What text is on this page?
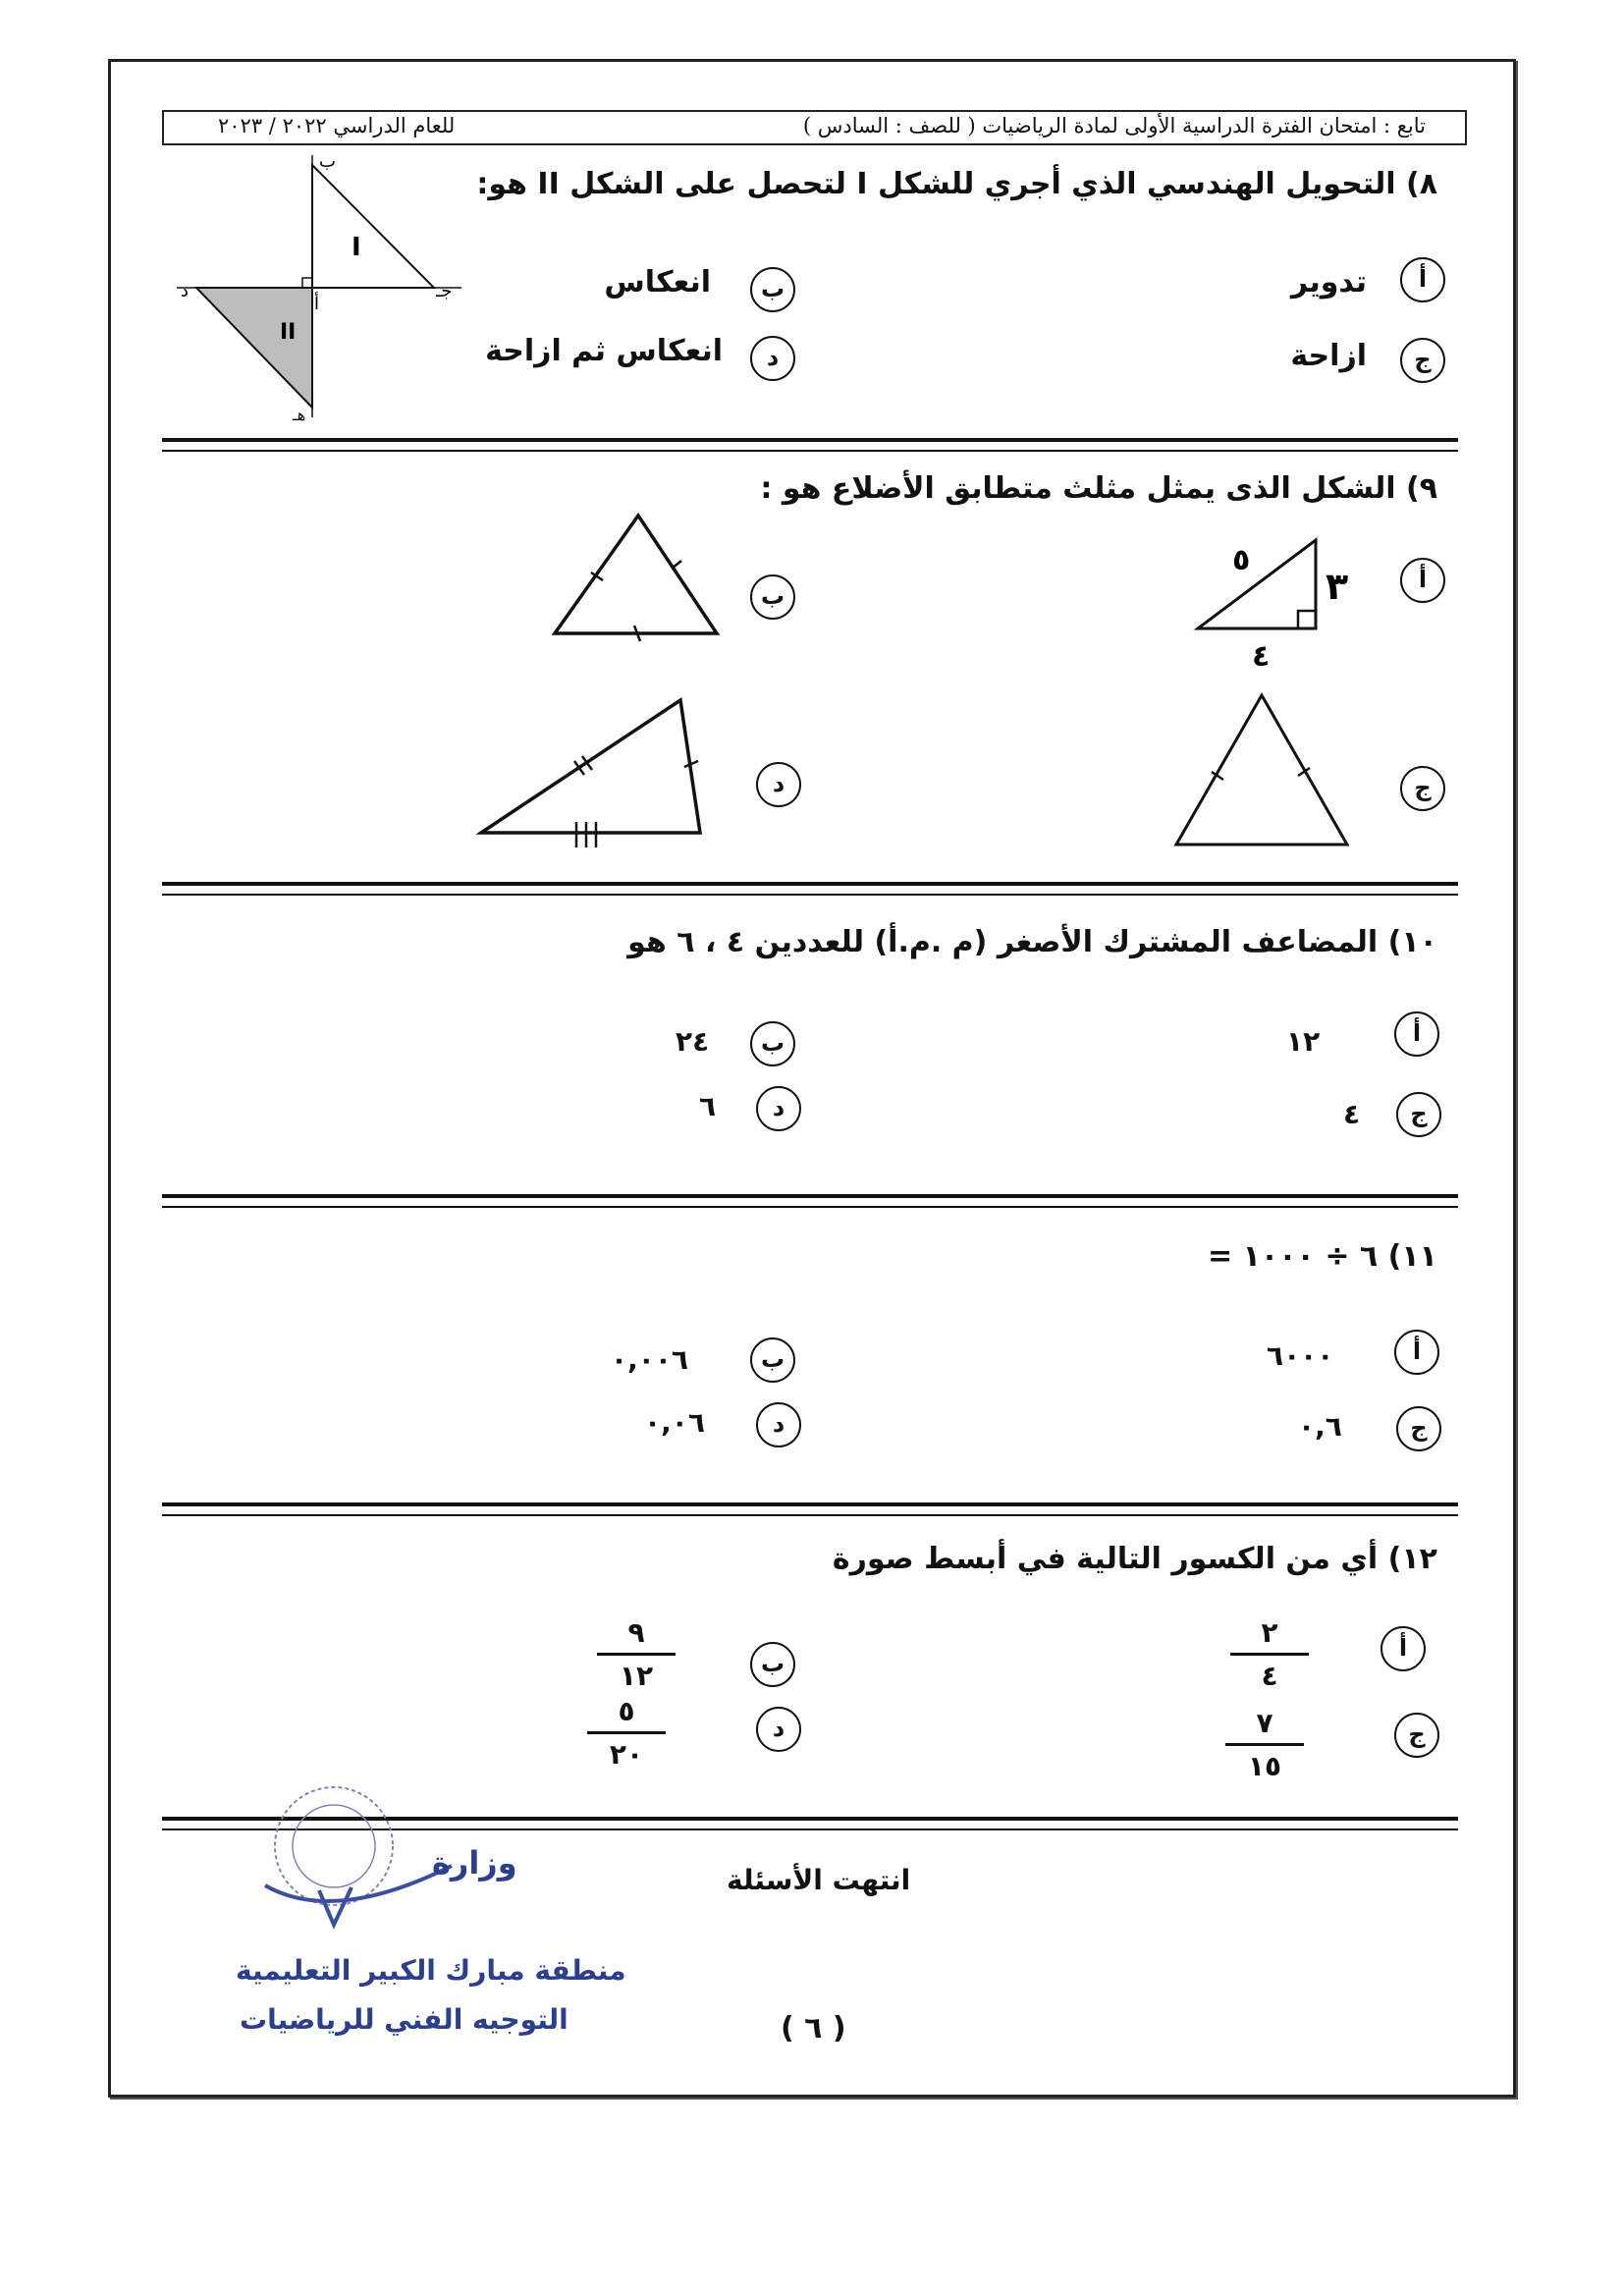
تابع : امتحان الفترة الدراسية الأولى لمادة الرياضيات ( للصف : السادس )
للعام الدراسي ٢٠٢٢ / ٢٠٢٣
٨) التحويل الهندسي الذي أجري للشكل I لتحصل على الشكل II هو:
I
II
ب
جـ
أ
د
هـ
أ
تدوير
ب
انعكاس
ج
ازاحة
د
انعكاس ثم ازاحة
٩) الشكل الذى يمثل مثلث متطابق الأضلاع هو :
أ
٥
٣
٤
ب
ج
د
١٠) المضاعف المشترك الأصغر (م .م.أ) للعددين ٤ ، ٦ هو
أ
١٢
ب
٢٤
ج
٤
د
٦
١١) ٦ ÷ ١٠٠٠ =
أ
٦٠٠٠
ب
٠,٠٠٦
ج
٠,٦
د
٠,٠٦
١٢) أي من الكسور التالية في أبسط صورة
أ
٢
٤
ب
٩
١٢
ج
٧
١٥
د
٥
٢٠
انتهت الأسئلة
( ٦ )
وزارة
منطقة مبارك الكبير التعليمية
التوجيه الفني للرياضيات
